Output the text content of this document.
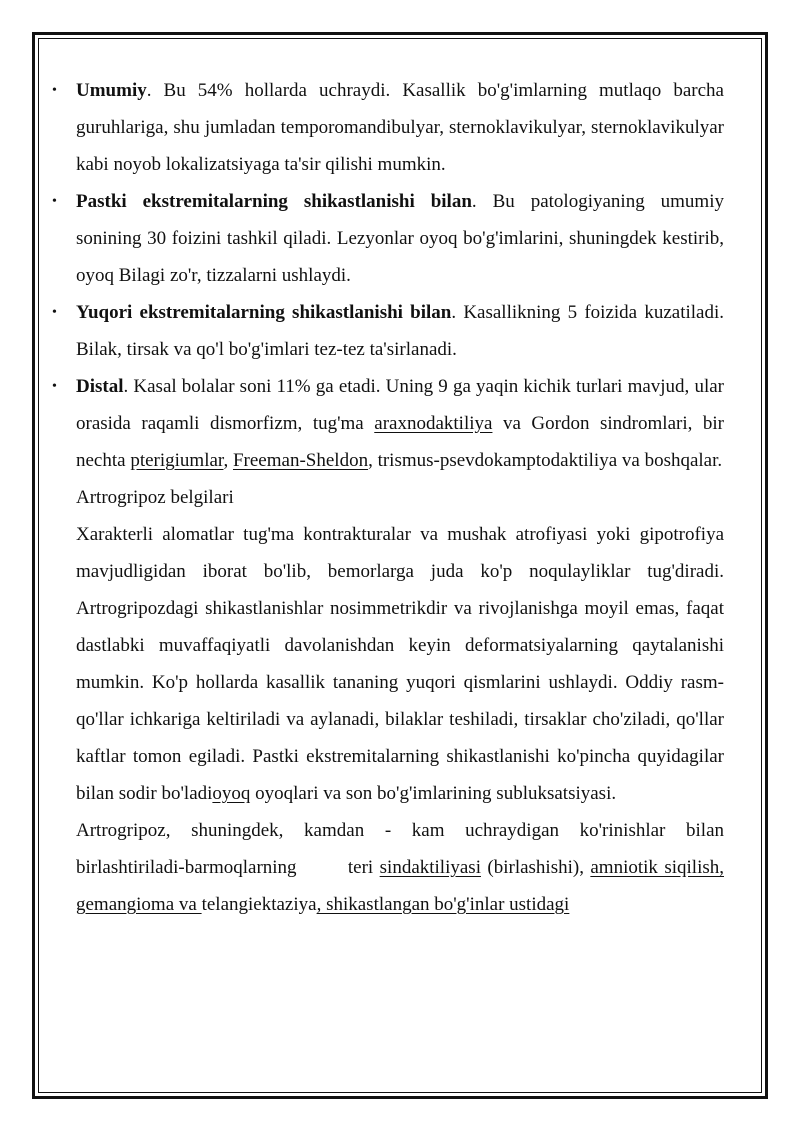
• Umumiy. Bu 54% hollarda uchraydi. Kasallik bo'g'imlarning mutlaqo barcha guruhlariga, shu jumladan temporomandibulyar, sternoklavikulyar, sternoklavikulyar kabi noyob lokalizatsiyaga ta'sir qilishi mumkin.

• Pastki ekstremitalarning shikastlanishi bilan. Bu patologiyaning umumiy sonining 30 foizini tashkil qiladi. Lezyonlar oyoq bo'g'imlarini, shuningdek kestirib, oyoq Bilagi zo'r, tizzalarni ushlaydi.

• Yuqori ekstremitalarning shikastlanishi bilan. Kasallikning 5 foizida kuzatiladi. Bilak, tirsak va qo'l bo'g'imlari tez-tez ta'sirlanadi.

• Distal. Kasal bolalar soni 11% ga etadi. Uning 9 ga yaqin kichik turlari mavjud, ular orasida raqamli dismorfizm, tug'ma araxnodaktiliya va Gordon sindromlari, bir nechta pterigiumlar, Freeman-Sheldon, trismus-psevdokamptodaktiliya va boshqalar.

Artrogripoz belgilari

Xarakterli alomatlar tug'ma kontrakturalar va mushak atrofiyasi yoki gipotrofiya mavjudligidan iborat bo'lib, bemorlarga juda ko'p noqulayliklar tug'diradi. Artrogripozdagi shikastlanishlar nosimmetrikdir va rivojlanishga moyil emas, faqat dastlabki muvaffaqiyatli davolanishdan keyin deformatsiyalarning qaytalanishi mumkin. Ko'p hollarda kasallik tananing yuqori qismlarini ushlaydi. Oddiy rasm-qo'llar ichkariga keltiriladi va aylanadi, bilaklar teshiladi, tirsaklar cho'ziladi, qo'llar kaftlar tomon egiladi. Pastki ekstremitalarning shikastlanishi ko'pincha quyidagilar bilan sodir bo'ladioyoq oyoqlari va son bo'g'imlarining subluksatsiyasi.

Artrogripoz, shuningdek, kamdan - kam uchraydigan ko'rinishlar bilan birlashtiriladi-barmoqlarning        teri sindaktiliyasi (birlashishi), amniotik siqilish, gemangioma va telangiektaziya, shikastlangan bo'g'inlar ustidagi
